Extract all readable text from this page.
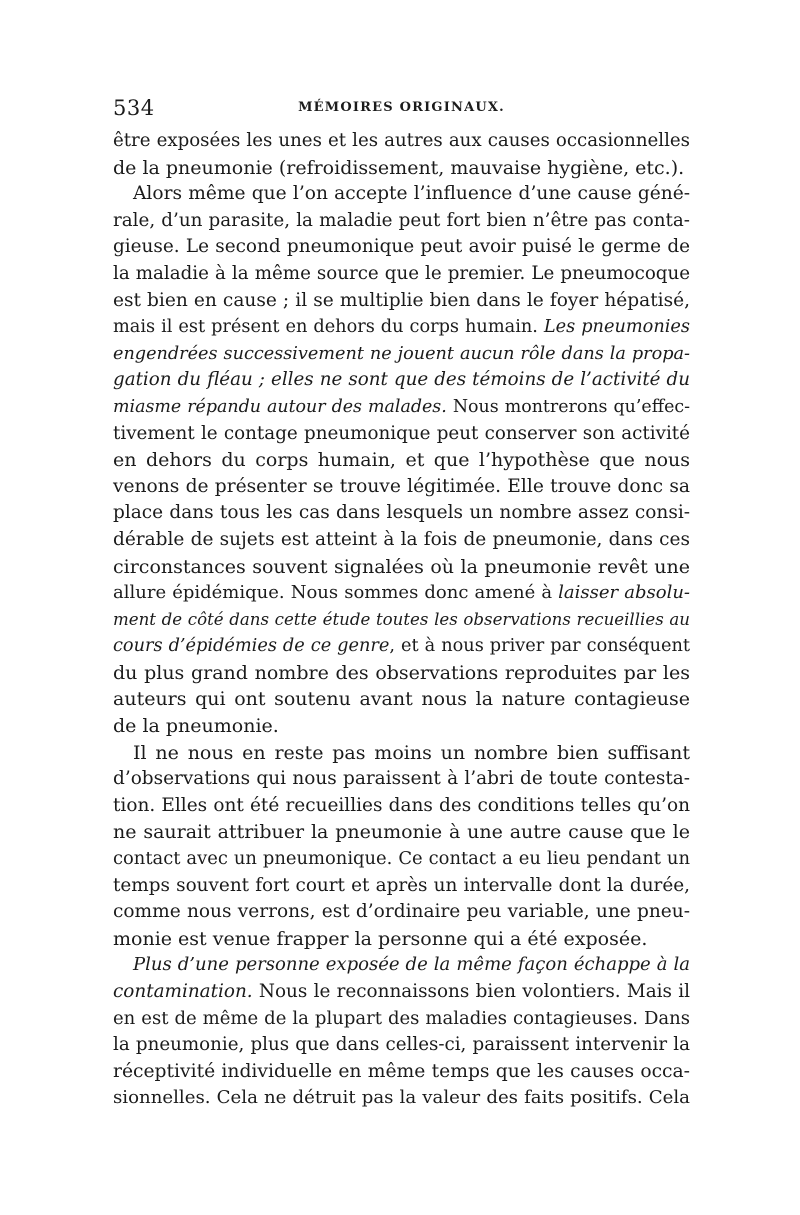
534	MÉMOIRES ORIGINAUX.
être exposées les unes et les autres aux causes occasionnelles
de la pneumonie (refroidissement, mauvaise hygiène, etc.).
Alors même que l’on accepte l’influence d’une cause géné-
rale, d’un parasite, la maladie peut fort bien n’être pas conta-
gieuse. Le second pneumonique peut avoir puisé le germe de
la maladie à la même source que le premier. Le pneumocoque
est bien en cause ; il se multiplie bien dans le foyer hépatisé,
mais il est présent en dehors du corps humain. Les pneumonies
engendrées successivement ne jouent aucun rôle dans la propa-
gation du fléau ; elles ne sont que des témoins de l’activité du
miasme répandu autour des malades. Nous montrerons qu’effec-
tivement le contage pneumonique peut conserver son activité
en dehors du corps humain, et que l’hypothèse que nous
venons de présenter se trouve légitimée. Elle trouve donc sa
place dans tous les cas dans lesquels un nombre assez consi-
dérable de sujets est atteint à la fois de pneumonie, dans ces
circonstances souvent signalées où la pneumonie revêt une
allure épidémique. Nous sommes donc amené à laisser absolu-
ment de côté dans cette étude toutes les observations recueillies au
cours d’épidémies de ce genre, et à nous priver par conséquent
du plus grand nombre des observations reproduites par les
auteurs qui ont soutenu avant nous la nature contagieuse
de la pneumonie.
Il ne nous en reste pas moins un nombre bien suffisant
d’observations qui nous paraissent à l’abri de toute contesta-
tion. Elles ont été recueillies dans des conditions telles qu’on
ne saurait attribuer la pneumonie à une autre cause que le
contact avec un pneumonique. Ce contact a eu lieu pendant un
temps souvent fort court et après un intervalle dont la durée,
comme nous verrons, est d’ordinaire peu variable, une pneu-
monie est venue frapper la personne qui a été exposée.
Plus d’une personne exposée de la même façon échappe à la
contamination. Nous le reconnaissons bien volontiers. Mais il
en est de même de la plupart des maladies contagieuses. Dans
la pneumonie, plus que dans celles-ci, paraissent intervenir la
réceptivité individuelle en même temps que les causes occa-
sionnelles. Cela ne détruit pas la valeur des faits positifs. Cela
